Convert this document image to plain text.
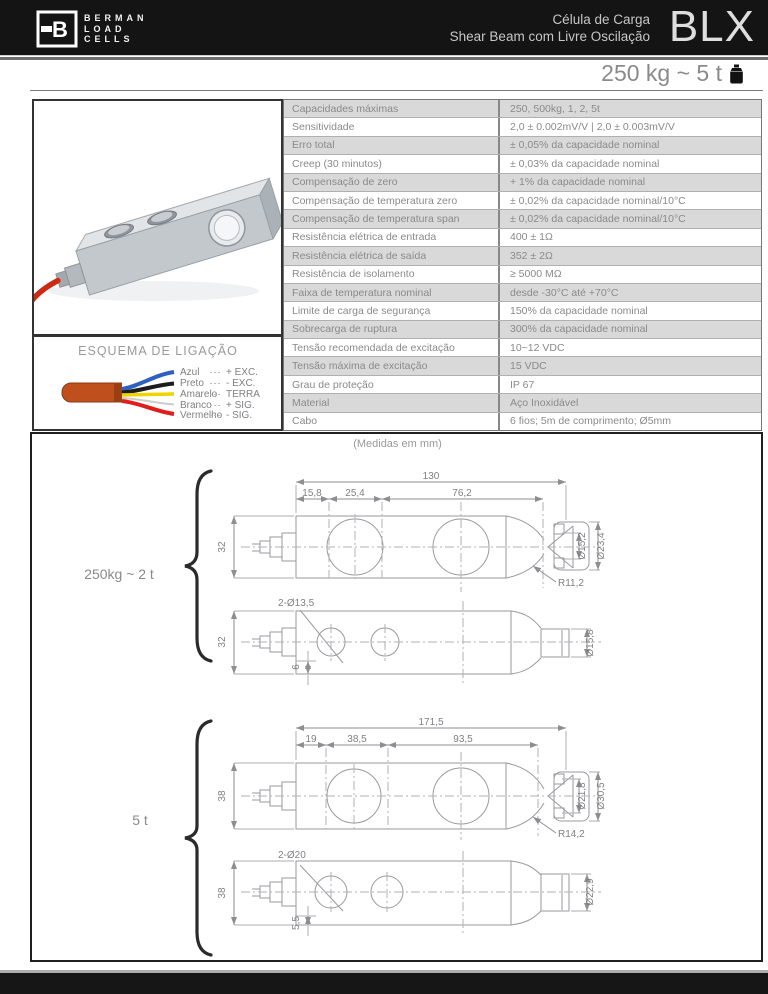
B BERMAN
LOAD
CELLS
Célula de Carga
Shear Beam com Livre Oscilação BLX
250 kg ~ 5 t
ESQUEMA DE LIGAÇÃO
Azul	+ EXC.
Preto - EXC.
Amarelo TERRA
Branco + SIG.
Vermelho - SIG.
Capacidades máximas	250, 500kg, 1, 2, 5t
Sensitividade	2,0 ± 0.002mV/V | 2,0 ± 0.003mV/V
Erro total	± 0,05% da capacidade nominal
Creep (30 minutos)	± 0,03% da capacidade nominal
Compensação de zero	+ 1% da capacidade nominal
Compensação de temperatura zero	± 0,02% da capacidade nominal/10°C
Compensação de temperatura span	± 0,02% da capacidade nominal/10°C
Resistência elétrica de entrada	400 ± 1Ω
Resistência elétrica de saída	352 ± 2Ω
Resistência de isolamento	≥ 5000 MΩ
Faixa de temperatura nominal	desde -30°C até +70°C
Limite de carga de segurança	150% da capacidade nominal
Sobrecarga de ruptura	300% da capacidade nominal
Tensão recomendada de excitação	10~12 VDC
Tensão máxima de excitação	15 VDC
Grau de proteção	IP 67
Material	Aço Inoxidável
Cabo	6 fios; 5m de comprimento; Ø5mm
(Medidas em mm)
250kg ~ 2 t
5 t
130
15,8 25,4	76,2
32	Ø15,2 Ø23,4
R11,2
2-Ø13,5
32
6
Ø15,8
171,5
19	38,5	93,5
38	Ø21,8 Ø30,5
R14,2
2-Ø20
38
5,5
Ø22,9
